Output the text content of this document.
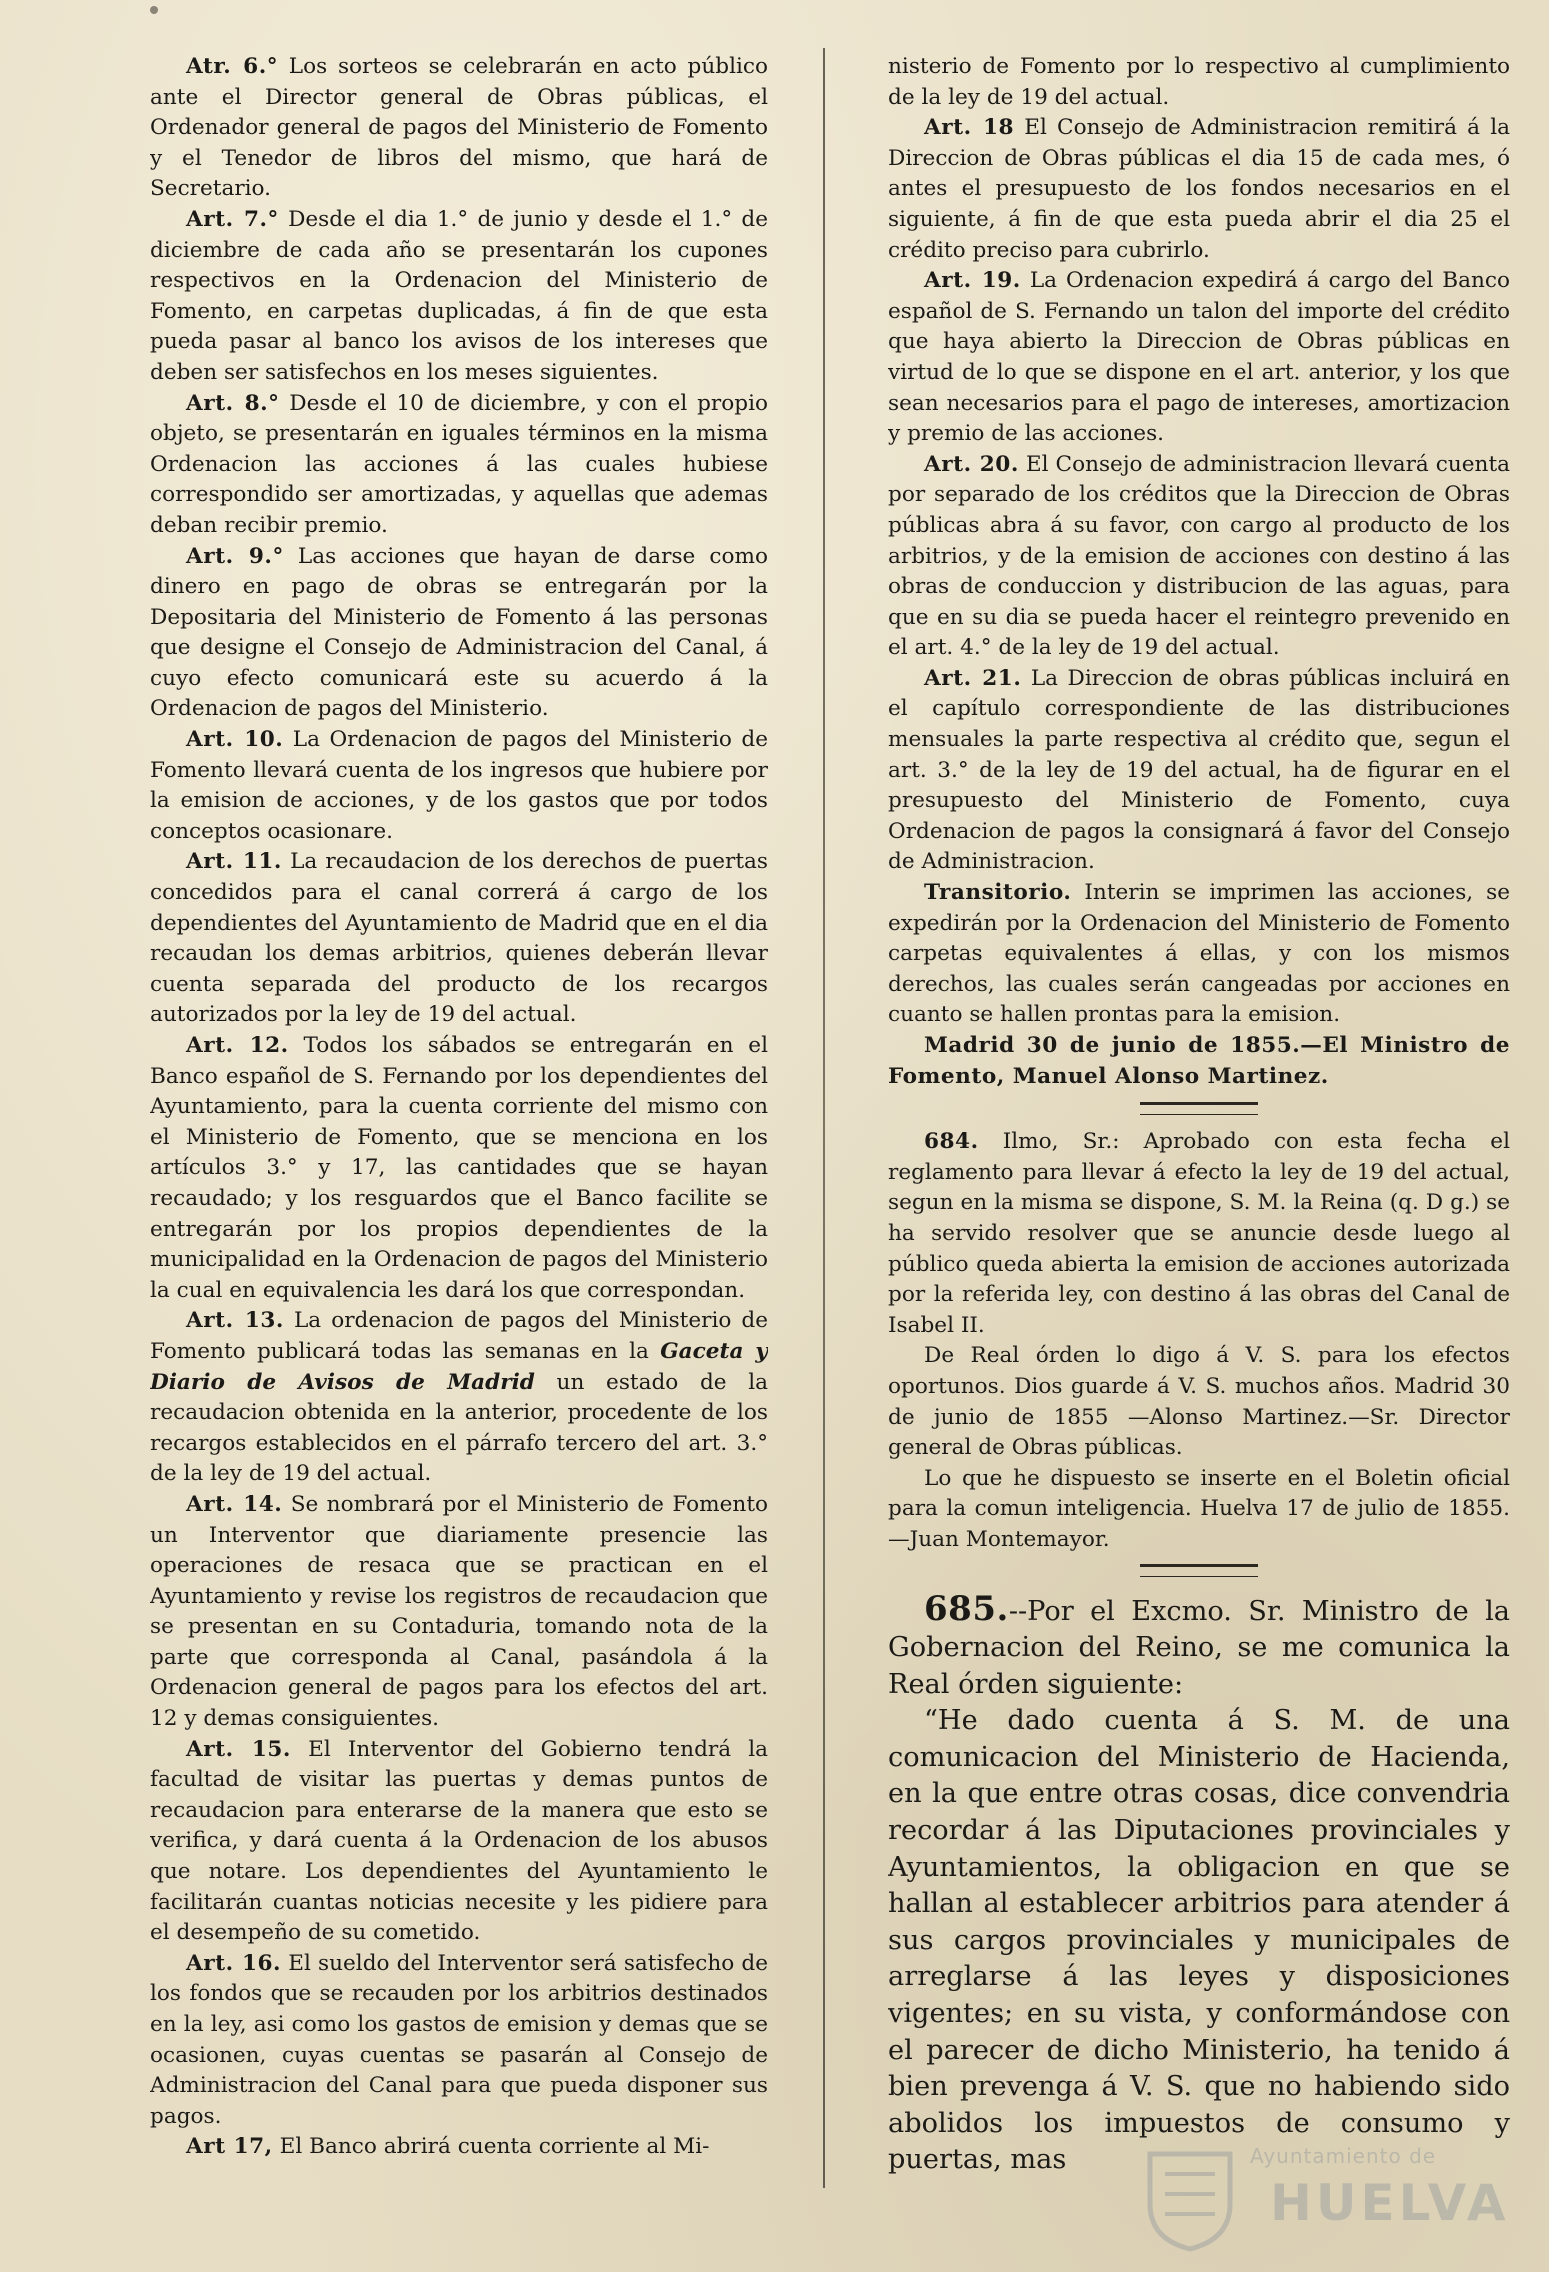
Atr. 6.° Los sorteos se celebrarán en acto público ante el Director general de Obras públicas, el Ordenador general de pagos del Ministerio de Fomento y el Tenedor de libros del mismo, que hará de Secretario.

Art. 7.° Desde el dia 1.° de junio y desde el 1.° de diciembre de cada año se presentarán los cupones respectivos en la Ordenacion del Ministerio de Fomento, en carpetas duplicadas, á fin de que esta pueda pasar al banco los avisos de los intereses que deben ser satisfechos en los meses siguientes.

Art. 8.° Desde el 10 de diciembre, y con el propio objeto, se presentarán en iguales términos en la misma Ordenacion las acciones á las cuales hubiese correspondido ser amortizadas, y aquellas que ademas deban recibir premio.

Art. 9.° Las acciones que hayan de darse como dinero en pago de obras se entregarán por la Depositaria del Ministerio de Fomento á las personas que designe el Consejo de Administracion del Canal, á cuyo efecto comunicará este su acuerdo á la Ordenacion de pagos del Ministerio.

Art. 10. La Ordenacion de pagos del Ministerio de Fomento llevará cuenta de los ingresos que hubiere por la emision de acciones, y de los gastos que por todos conceptos ocasionare.

Art. 11. La recaudacion de los derechos de puertas concedidos para el canal correrá á cargo de los dependientes del Ayuntamiento de Madrid que en el dia recaudan los demas arbitrios, quienes deberán llevar cuenta separada del producto de los recargos autorizados por la ley de 19 del actual.

Art. 12. Todos los sábados se entregarán en el Banco español de S. Fernando por los dependientes del Ayuntamiento, para la cuenta corriente del mismo con el Ministerio de Fomento, que se menciona en los artículos 3.° y 17, las cantidades que se hayan recaudado; y los resguardos que el Banco facilite se entregarán por los propios dependientes de la municipalidad en la Ordenacion de pagos del Ministerio la cual en equivalencia les dará los que correspondan.

Art. 13. La ordenacion de pagos del Ministerio de Fomento publicará todas las semanas en la Gaceta y Diario de Avisos de Madrid un estado de la recaudacion obtenida en la anterior, procedente de los recargos establecidos en el párrafo tercero del art. 3.° de la ley de 19 del actual.

Art. 14. Se nombrará por el Ministerio de Fomento un Interventor que diariamente presencie las operaciones de resaca que se practican en el Ayuntamiento y revise los registros de recaudacion que se presentan en su Contaduria, tomando nota de la parte que corresponda al Canal, pasándola á la Ordenacion general de pagos para los efectos del art. 12 y demas consiguientes.

Art. 15. El Interventor del Gobierno tendrá la facultad de visitar las puertas y demas puntos de recaudacion para enterarse de la manera que esto se verifica, y dará cuenta á la Ordenacion de los abusos que notare. Los dependientes del Ayuntamiento le facilitarán cuantas noticias necesite y les pidiere para el desempeño de su cometido.

Art. 16. El sueldo del Interventor será satisfecho de los fondos que se recauden por los arbitrios destinados en la ley, asi como los gastos de emision y demas que se ocasionen, cuyas cuentas se pasarán al Consejo de Administracion del Canal para que pueda disponer sus pagos.

Art 17, El Banco abrirá cuenta corriente al Mi-

nisterio de Fomento por lo respectivo al cumplimiento de la ley de 19 del actual.

Art. 18 El Consejo de Administracion remitirá á la Direccion de Obras públicas el dia 15 de cada mes, ó antes el presupuesto de los fondos necesarios en el siguiente, á fin de que esta pueda abrir el dia 25 el crédito preciso para cubrirlo.

Art. 19. La Ordenacion expedirá á cargo del Banco español de S. Fernando un talon del importe del crédito que haya abierto la Direccion de Obras públicas en virtud de lo que se dispone en el art. anterior, y los que sean necesarios para el pago de intereses, amortizacion y premio de las acciones.

Art. 20. El Consejo de administracion llevará cuenta por separado de los créditos que la Direccion de Obras públicas abra á su favor, con cargo al producto de los arbitrios, y de la emision de acciones con destino á las obras de conduccion y distribucion de las aguas, para que en su dia se pueda hacer el reintegro prevenido en el art. 4.° de la ley de 19 del actual.

Art. 21. La Direccion de obras públicas incluirá en el capítulo correspondiente de las distribuciones mensuales la parte respectiva al crédito que, segun el art. 3.° de la ley de 19 del actual, ha de figurar en el presupuesto del Ministerio de Fomento, cuya Ordenacion de pagos la consignará á favor del Consejo de Administracion.

Transitorio. Interin se imprimen las acciones, se expedirán por la Ordenacion del Ministerio de Fomento carpetas equivalentes á ellas, y con los mismos derechos, las cuales serán cangeadas por acciones en cuanto se hallen prontas para la emision.

Madrid 30 de junio de 1855.—El Ministro de Fomento, Manuel Alonso Martinez.

684. Ilmo, Sr.: Aprobado con esta fecha el reglamento para llevar á efecto la ley de 19 del actual, segun en la misma se dispone, S. M. la Reina (q. D g.) se ha servido resolver que se anuncie desde luego al público queda abierta la emision de acciones autorizada por la referida ley, con destino á las obras del Canal de Isabel II.

De Real órden lo digo á V. S. para los efectos oportunos. Dios guarde á V. S. muchos años. Madrid 30 de junio de 1855 —Alonso Martinez.—Sr. Director general de Obras públicas.

Lo que he dispuesto se inserte en el Boletin oficial para la comun inteligencia. Huelva 17 de julio de 1855.—Juan Montemayor.

685.--Por el Excmo. Sr. Ministro de la Gobernacion del Reino, se me comunica la Real órden siguiente:

“He dado cuenta á S. M. de una comunicacion del Ministerio de Hacienda, en la que entre otras cosas, dice convendria recordar á las Diputaciones provinciales y Ayuntamientos, la obligacion en que se hallan al establecer arbitrios para atender á sus cargos provinciales y municipales de arreglarse á las leyes y disposiciones vigentes; en su vista, y conformándose con el parecer de dicho Ministerio, ha tenido á bien prevenga á V. S. que no habiendo sido abolidos los impuestos de consumo y puertas, mas	Ayuntamiento de
HUELVA
